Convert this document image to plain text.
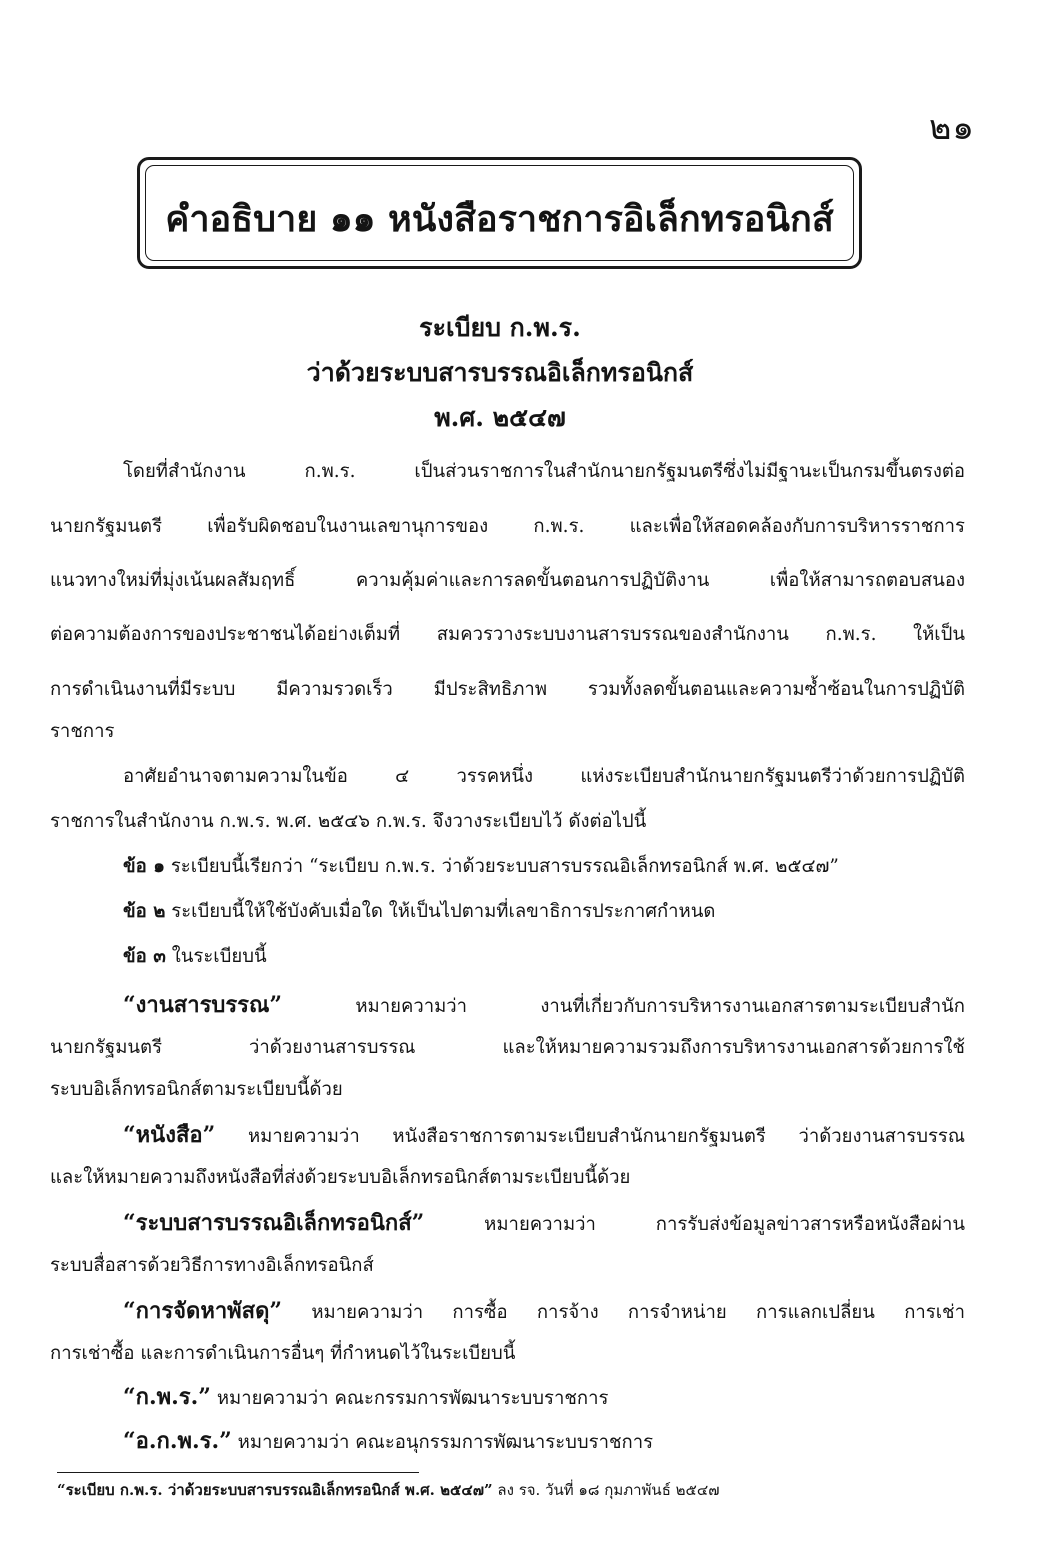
๒๑
คำอธิบาย ๑๑ หนังสือราชการอิเล็กทรอนิกส์
ระเบียบ ก.พ.ร.
ว่าด้วยระบบสารบรรณอิเล็กทรอนิกส์
พ.ศ. ๒๕๔๗
โดยที่สำนักงาน ก.พ.ร. เป็นส่วนราชการในสำนักนายกรัฐมนตรีซึ่งไม่มีฐานะเป็นกรมขึ้นตรงต่อ
นายกรัฐมนตรี เพื่อรับผิดชอบในงานเลขานุการของ ก.พ.ร. และเพื่อให้สอดคล้องกับการบริหารราชการ
แนวทางใหม่ที่มุ่งเน้นผลสัมฤทธิ์ ความคุ้มค่าและการลดขั้นตอนการปฏิบัติงาน เพื่อให้สามารถตอบสนอง
ต่อความต้องการของประชาชนได้อย่างเต็มที่ สมควรวางระบบงานสารบรรณของสำนักงาน ก.พ.ร. ให้เป็น
การดำเนินงานที่มีระบบ มีความรวดเร็ว มีประสิทธิภาพ รวมทั้งลดขั้นตอนและความซ้ำซ้อนในการปฏิบัติ
ราชการ
อาศัยอำนาจตามความในข้อ ๔ วรรคหนึ่ง แห่งระเบียบสำนักนายกรัฐมนตรีว่าด้วยการปฏิบัติ
ราชการในสำนักงาน ก.พ.ร. พ.ศ. ๒๕๔๖ ก.พ.ร. จึงวางระเบียบไว้ ดังต่อไปนี้
ข้อ ๑ ระเบียบนี้เรียกว่า “ระเบียบ ก.พ.ร. ว่าด้วยระบบสารบรรณอิเล็กทรอนิกส์ พ.ศ. ๒๕๔๗”
ข้อ ๒ ระเบียบนี้ให้ใช้บังคับเมื่อใด ให้เป็นไปตามที่เลขาธิการประกาศกำหนด
ข้อ ๓ ในระเบียบนี้
“งานสารบรรณ” หมายความว่า งานที่เกี่ยวกับการบริหารงานเอกสารตามระเบียบสำนัก
นายกรัฐมนตรี ว่าด้วยงานสารบรรณ และให้หมายความรวมถึงการบริหารงานเอกสารด้วยการใช้
ระบบอิเล็กทรอนิกส์ตามระเบียบนี้ด้วย
“หนังสือ” หมายความว่า หนังสือราชการตามระเบียบสำนักนายกรัฐมนตรี ว่าด้วยงานสารบรรณ
และให้หมายความถึงหนังสือที่ส่งด้วยระบบอิเล็กทรอนิกส์ตามระเบียบนี้ด้วย
“ระบบสารบรรณอิเล็กทรอนิกส์” หมายความว่า การรับส่งข้อมูลข่าวสารหรือหนังสือผ่าน
ระบบสื่อสารด้วยวิธีการทางอิเล็กทรอนิกส์
“การจัดหาพัสดุ” หมายความว่า การซื้อ การจ้าง การจำหน่าย การแลกเปลี่ยน การเช่า
การเช่าซื้อ และการดำเนินการอื่นๆ ที่กำหนดไว้ในระเบียบนี้
“ก.พ.ร.” หมายความว่า คณะกรรมการพัฒนาระบบราชการ
“อ.ก.พ.ร.” หมายความว่า คณะอนุกรรมการพัฒนาระบบราชการ
“ระเบียบ ก.พ.ร. ว่าด้วยระบบสารบรรณอิเล็กทรอนิกส์ พ.ศ. ๒๕๔๗” ลง รจ. วันที่ ๑๘ กุมภาพันธ์ ๒๕๔๗
